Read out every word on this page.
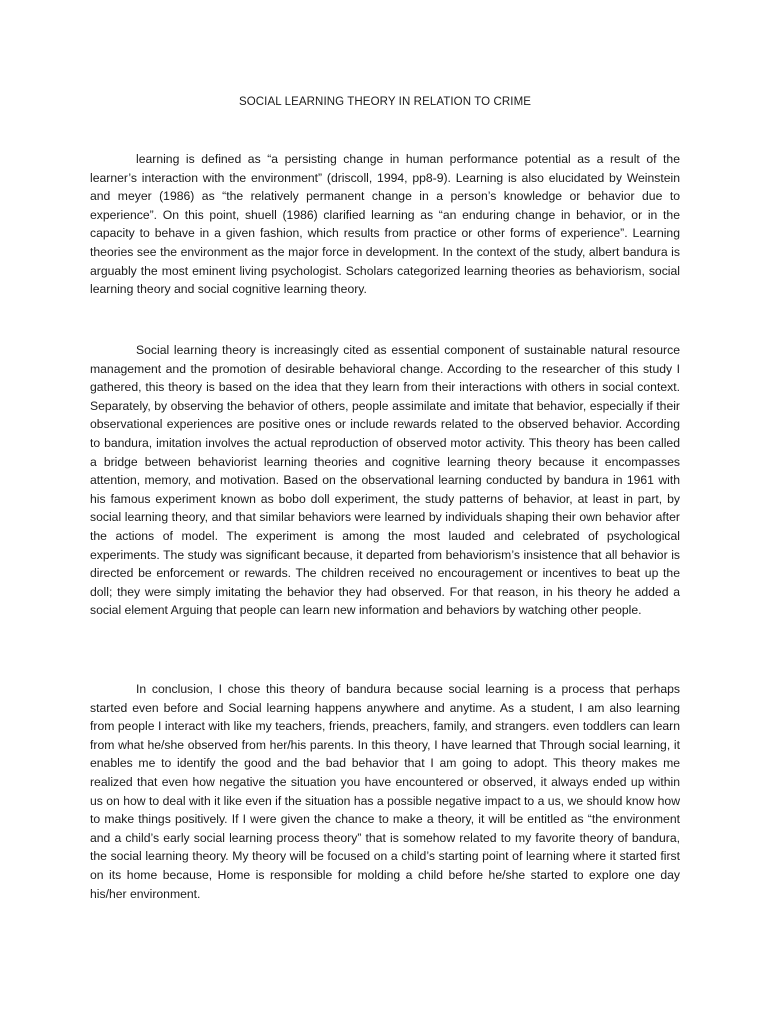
SOCIAL LEARNING THEORY IN RELATION TO CRIME

learning is defined as “a persisting change in human performance potential as a result of the learner’s interaction with the environment” (driscoll, 1994, pp8-9). Learning is also elucidated by Weinstein and meyer (1986) as “the relatively permanent change in a person’s knowledge or behavior due to experience”. On this point, shuell (1986) clarified learning as “an enduring change in behavior, or in the capacity to behave in a given fashion, which results from practice or other forms of experience”. Learning theories see the environment as the major force in development. In the context of the study, albert bandura is arguably the most eminent living psychologist. Scholars categorized learning theories as behaviorism, social learning theory and social cognitive learning theory.

Social learning theory is increasingly cited as essential component of sustainable natural resource management and the promotion of desirable behavioral change. According to the researcher of this study I gathered, this theory is based on the idea that they learn from their interactions with others in social context. Separately, by observing the behavior of others, people assimilate and imitate that behavior, especially if their observational experiences are positive ones or include rewards related to the observed behavior. According to bandura, imitation involves the actual reproduction of observed motor activity. This theory has been called a bridge between behaviorist learning theories and cognitive learning theory because it encompasses attention, memory, and motivation. Based on the observational learning conducted by bandura in 1961 with his famous experiment known as bobo doll experiment, the study patterns of behavior, at least in part, by social learning theory, and that similar behaviors were learned by individuals shaping their own behavior after the actions of model. The experiment is among the most lauded and celebrated of psychological experiments. The study was significant because, it departed from behaviorism’s insistence that all behavior is directed be enforcement or rewards. The children received no encouragement or incentives to beat up the doll; they were simply imitating the behavior they had observed. For that reason, in his theory he added a social element Arguing that people can learn new information and behaviors by watching other people.

In conclusion, I chose this theory of bandura because social learning is a process that perhaps started even before and Social learning happens anywhere and anytime. As a student, I am also learning from people I interact with like my teachers, friends, preachers, family, and strangers. even toddlers can learn from what he/she observed from her/his parents. In this theory, I have learned that Through social learning, it enables me to identify the good and the bad behavior that I am going to adopt. This theory makes me realized that even how negative the situation you have encountered or observed, it always ended up within us on how to deal with it like even if the situation has a possible negative impact to a us, we should know how to make things positively. If I were given the chance to make a theory, it will be entitled as “the environment and a child’s early social learning process theory” that is somehow related to my favorite theory of bandura, the social learning theory. My theory will be focused on a child’s starting point of learning where it started first on its home because, Home is responsible for molding a child before he/she started to explore one day his/her environment.
